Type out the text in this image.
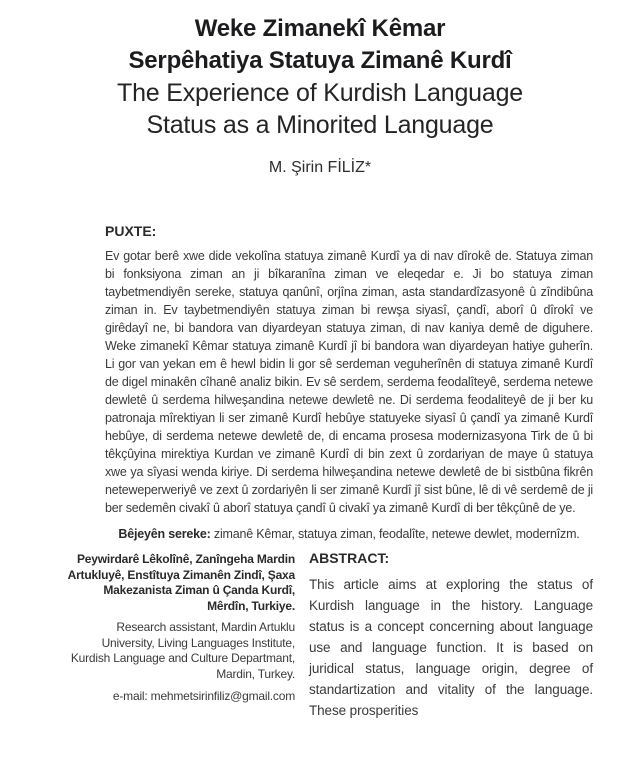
Weke Zimanekî Kêmar
Serpêhatiya Statuya Zimanê Kurdî
The Experience of Kurdish Language
Status as a Minorited Language
M. Şirin FİLİZ*
PUXTE:

Ev gotar berê xwe dide vekolîna statuya zimanê Kurdî ya di nav dîrokê de. Statuya ziman bi fonksiyona ziman an ji bîkaranîna ziman ve eleqedar e. Ji bo statuya ziman taybetmendiyên sereke, statuya qanûnî, orjîna ziman, asta standardîzasyonê û zîndibûna ziman in. Ev taybetmendiyên statuya ziman bi rewşa siyasî, çandî, aborî û dîrokî ve girêdayî ne, bi bandora van diyardeyan statuya ziman, di nav kaniya demê de diguhere. Weke zimanekî Kêmar statuya zimanê Kurdî jî bi bandora wan diyardeyan hatiye guherîn. Li gor van yekan em ê hewl bidin li gor sê serdeman veguherînên di statuya zimanê Kurdî de digel minakên cîhanê analiz bikin. Ev sê serdem, serdema feodalîteyê, serdema netewe dewletê û serdema hilweşandina netewe dewletê ne. Di serdema feodaliteyê de ji ber ku patronaja mîrektiyan li ser zimanê Kurdî hebûye statuyeke siyasî û çandî ya zimanê Kurdî hebûye, di serdema netewe dewletê de, di encama prosesa modernizasyona Tirk de û bi têkçûyina mirektiya Kurdan ve zimanê Kurdî di bin zext û zordariyan de maye û statuya xwe ya sîyasi wenda kiriye. Di serdema hilweşandina netewe dewletê de bi sistbûna fikrên neteweperweriyê ve zext û zordariyên li ser zimanê Kurdî jî sist bûne, lê di vê serdemê de ji ber sedemên civakî û aborî statuya çandî û civakî ya zimanê Kurdî di ber têkçûnê de ye.

Bêjeyên sereke: zimanê Kêmar, statuya ziman, feodalîte, netewe dewlet, modernîzm.

Peywirdarê Lêkolînê, Zanîngeha Mardin Artukluyê, Enstîtuya Zimanên Zindî, Şaxa Makezanista Ziman û Çanda Kurdî, Mêrdîn, Turkiye.

Research assistant, Mardin Artuklu University, Living Languages Institute, Kurdish Language and Culture Departmant, Mardin, Turkey.

e-mail: mehmetsirinfiliz@gmail.com

ABSTRACT:

This article aims at exploring the status of Kurdish language in the history. Language status is a concept concerning about language use and language function. It is based on juridical status, language origin, degree of standartization and vitality of the language. These prosperities
